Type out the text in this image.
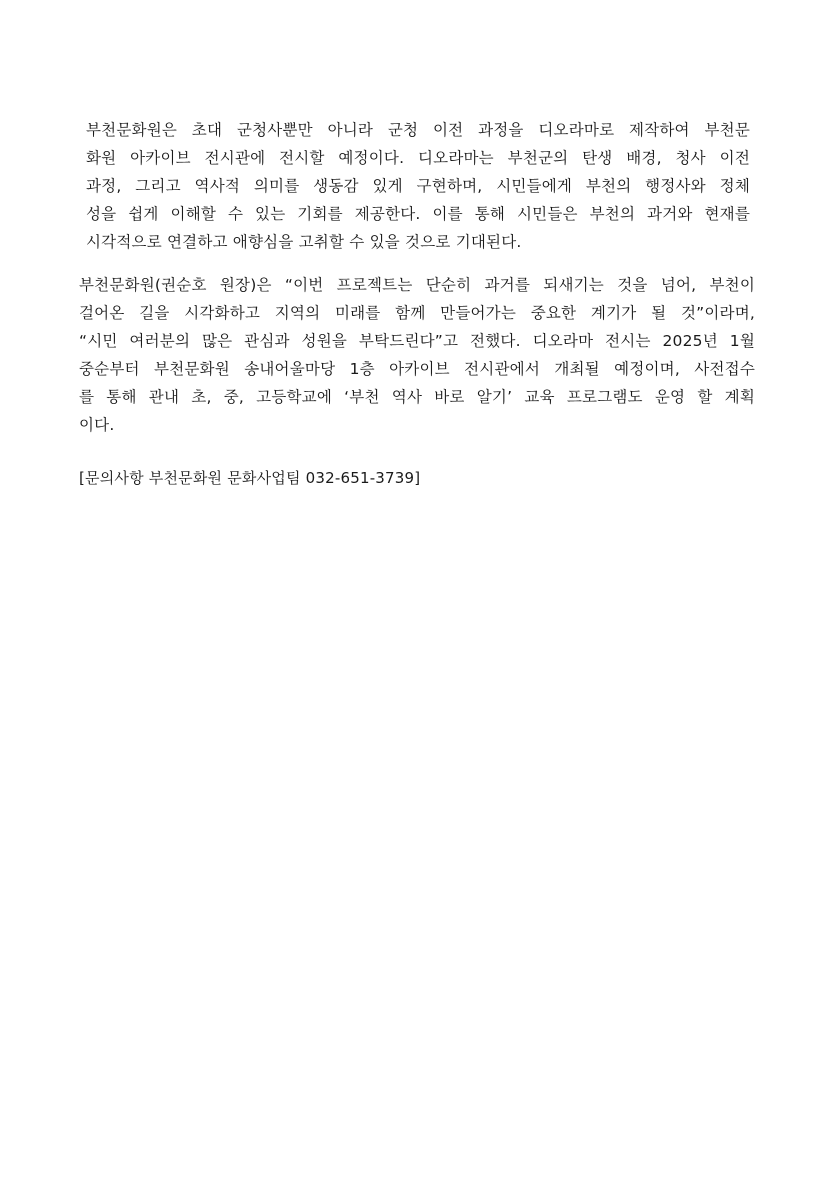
부천문화원은 초대 군청사뿐만 아니라 군청 이전 과정을 디오라마로 제작하여 부천문
화원 아카이브 전시관에 전시할 예정이다. 디오라마는 부천군의 탄생 배경, 청사 이전
과정, 그리고 역사적 의미를 생동감 있게 구현하며, 시민들에게 부천의 행정사와 정체
성을 쉽게 이해할 수 있는 기회를 제공한다. 이를 통해 시민들은 부천의 과거와 현재를
시각적으로 연결하고 애향심을 고취할 수 있을 것으로 기대된다.

부천문화원(권순호 원장)은 “이번 프로젝트는 단순히 과거를 되새기는 것을 넘어, 부천이
걸어온 길을 시각화하고 지역의 미래를 함께 만들어가는 중요한 계기가 될 것”이라며,
“시민 여러분의 많은 관심과 성원을 부탁드린다”고 전했다. 디오라마 전시는 2025년 1월
중순부터 부천문화원 송내어울마당 1층 아카이브 전시관에서 개최될 예정이며, 사전접수
를 통해 관내 초, 중, 고등학교에 ‘부천 역사 바로 알기’ 교육 프로그램도 운영 할 계획
이다.

[문의사항 부천문화원 문화사업팀 032-651-3739]
